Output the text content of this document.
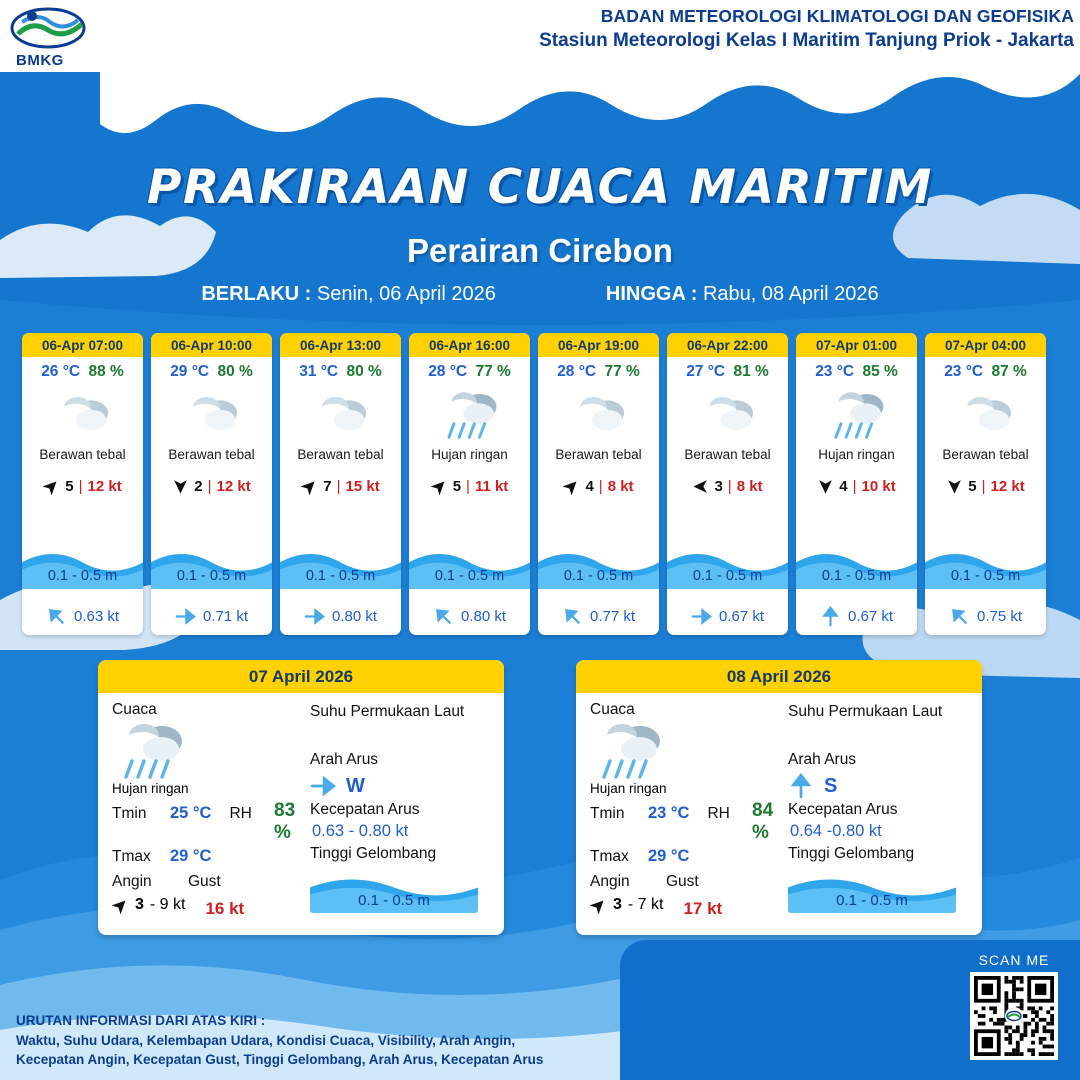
BMKG
BADAN METEOROLOGI KLIMATOLOGI DAN GEOFISIKA
Stasiun Meteorologi Kelas I Maritim Tanjung Priok - Jakarta
PRAKIRAAN CUACA MARITIM
Perairan Cirebon
BERLAKU : Senin, 06 April 2026	HINGGA : Rabu, 08 April 2026
06-Apr 07:00
26 °C 88 %
Berawan tebal
5 | 12 kt
0.1 - 0.5 m
0.63 kt
06-Apr 10:00
29 °C 80 %
Berawan tebal
2 | 12 kt
0.1 - 0.5 m
0.71 kt
06-Apr 13:00
31 °C 80 %
Berawan tebal
7 | 15 kt
0.1 - 0.5 m
0.80 kt
06-Apr 16:00
28 °C 77 %
Hujan ringan
5 | 11 kt
0.1 - 0.5 m
0.80 kt
06-Apr 19:00
28 °C 77 %
Berawan tebal
4 | 8 kt
0.1 - 0.5 m
0.77 kt
06-Apr 22:00
27 °C 81 %
Berawan tebal
3 | 8 kt
0.1 - 0.5 m
0.67 kt
07-Apr 01:00
23 °C 85 %
Hujan ringan
4 | 10 kt
0.1 - 0.5 m
0.67 kt
07-Apr 04:00
23 °C 87 %
Berawan tebal
5 | 12 kt
0.1 - 0.5 m
0.75 kt
07 April 2026
Cuaca
Hujan ringan
Tmin	25 °C RH	83 %
Tmax	29 °C
Angin	Gust
3 - 9 kt 16 kt
Suhu Permukaan Laut
Arah Arus
W
Kecepatan Arus
0.63 - 0.80 kt
Tinggi Gelombang
0.1 - 0.5 m
08 April 2026
Cuaca
Hujan ringan
Tmin	23 °C RH	84 %
Tmax	29 °C
Angin	Gust
3 - 7 kt 17 kt
Suhu Permukaan Laut
Arah Arus
S
Kecepatan Arus
0.64 -0.80 kt
Tinggi Gelombang
0.1 - 0.5 m
URUTAN INFORMASI DARI ATAS KIRI :
Waktu, Suhu Udara, Kelembapan Udara, Kondisi Cuaca, Visibility, Arah Angin,
Kecepatan Angin, Kecepatan Gust, Tinggi Gelombang, Arah Arus, Kecepatan Arus
SCAN ME
